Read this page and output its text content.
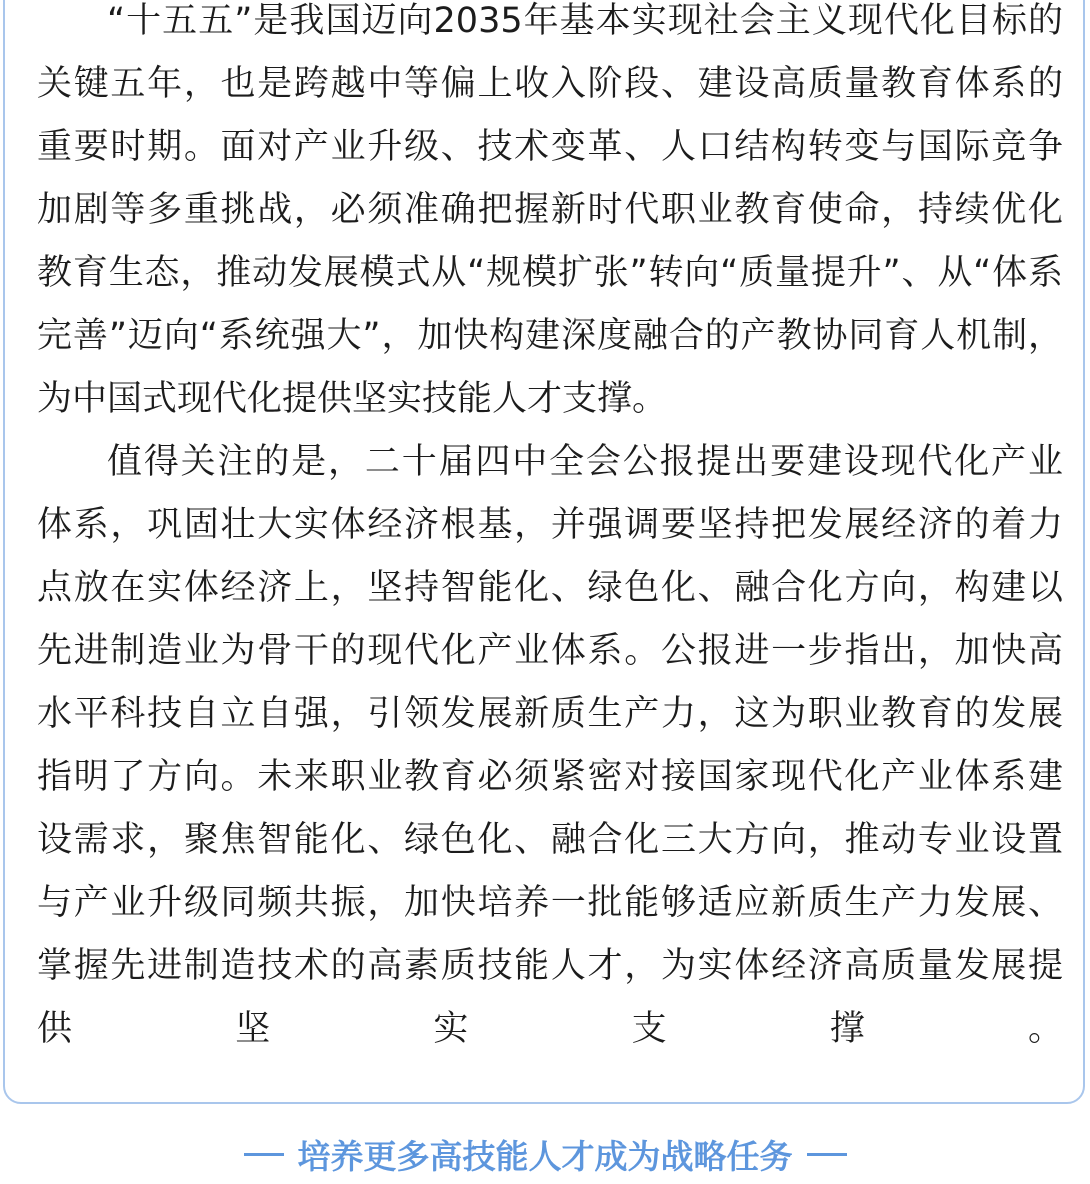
“十五五”是我国迈向2035年基本实现社会主义现代化目标的
关键五年，也是跨越中等偏上收入阶段、建设高质量教育体系的
重要时期。面对产业升级、技术变革、人口结构转变与国际竞争
加剧等多重挑战，必须准确把握新时代职业教育使命，持续优化
教育生态，推动发展模式从“规模扩张”转向“质量提升”、从“体系
完善”迈向“系统强大”，加快构建深度融合的产教协同育人机制，
为中国式现代化提供坚实技能人才支撑。
值得关注的是，二十届四中全会公报提出要建设现代化产业
体系，巩固壮大实体经济根基，并强调要坚持把发展经济的着力
点放在实体经济上，坚持智能化、绿色化、融合化方向，构建以
先进制造业为骨干的现代化产业体系。公报进一步指出，加快高
水平科技自立自强，引领发展新质生产力，这为职业教育的发展
指明了方向。未来职业教育必须紧密对接国家现代化产业体系建
设需求，聚焦智能化、绿色化、融合化三大方向，推动专业设置
与产业升级同频共振，加快培养一批能够适应新质生产力发展、
掌握先进制造技术的高素质技能人才，为实体经济高质量发展提
供坚实支撑。
培养更多高技能人才成为战略任务
